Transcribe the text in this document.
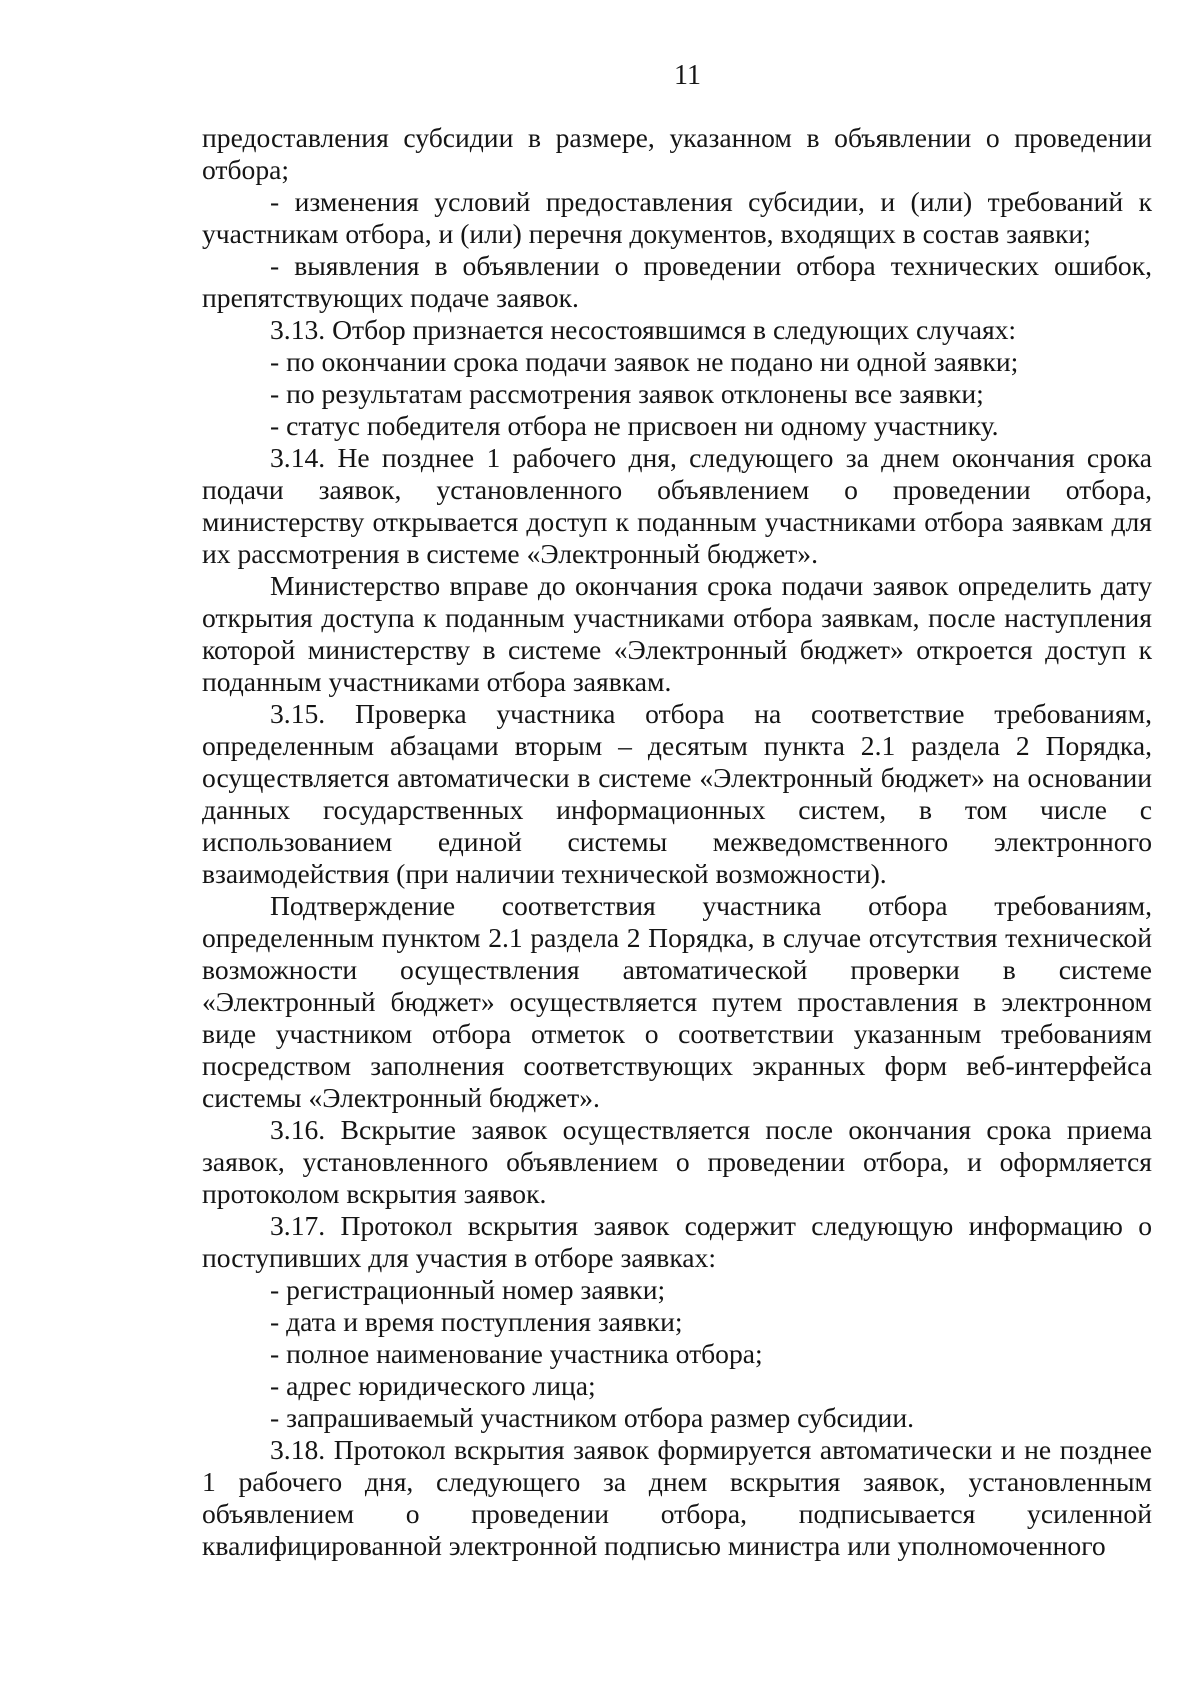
11

предоставления субсидии в размере, указанном в объявлении о проведении отбора;

- изменения условий предоставления субсидии, и (или) требований к участникам отбора, и (или) перечня документов, входящих в состав заявки;

- выявления в объявлении о проведении отбора технических ошибок, препятствующих подаче заявок.

3.13. Отбор признается несостоявшимся в следующих случаях:

- по окончании срока подачи заявок не подано ни одной заявки;

- по результатам рассмотрения заявок отклонены все заявки;

- статус победителя отбора не присвоен ни одному участнику.

3.14. Не позднее 1 рабочего дня, следующего за днем окончания срока подачи заявок, установленного объявлением о проведении отбора, министерству открывается доступ к поданным участниками отбора заявкам для их рассмотрения в системе «Электронный бюджет».

Министерство вправе до окончания срока подачи заявок определить дату открытия доступа к поданным участниками отбора заявкам, после наступления которой министерству в системе «Электронный бюджет» откроется доступ к поданным участниками отбора заявкам.

3.15. Проверка участника отбора на соответствие требованиям, определенным абзацами вторым – десятым пункта 2.1 раздела 2 Порядка, осуществляется автоматически в системе «Электронный бюджет» на основании данных государственных информационных систем, в том числе с использованием единой системы межведомственного электронного взаимодействия (при наличии технической возможности).

Подтверждение соответствия участника отбора требованиям, определенным пунктом 2.1 раздела 2 Порядка, в случае отсутствия технической возможности осуществления автоматической проверки в системе «Электронный бюджет» осуществляется путем проставления в электронном виде участником отбора отметок о соответствии указанным требованиям посредством заполнения соответствующих экранных форм веб-интерфейса системы «Электронный бюджет».

3.16. Вскрытие заявок осуществляется после окончания срока приема заявок, установленного объявлением о проведении отбора, и оформляется протоколом вскрытия заявок.

3.17. Протокол вскрытия заявок содержит следующую информацию о поступивших для участия в отборе заявках:

- регистрационный номер заявки;

- дата и время поступления заявки;

- полное наименование участника отбора;

- адрес юридического лица;

- запрашиваемый участником отбора размер субсидии.

3.18. Протокол вскрытия заявок формируется автоматически и не позднее 1 рабочего дня, следующего за днем вскрытия заявок, установленным объявлением о проведении отбора, подписывается усиленной квалифицированной электронной подписью министра или уполномоченного
